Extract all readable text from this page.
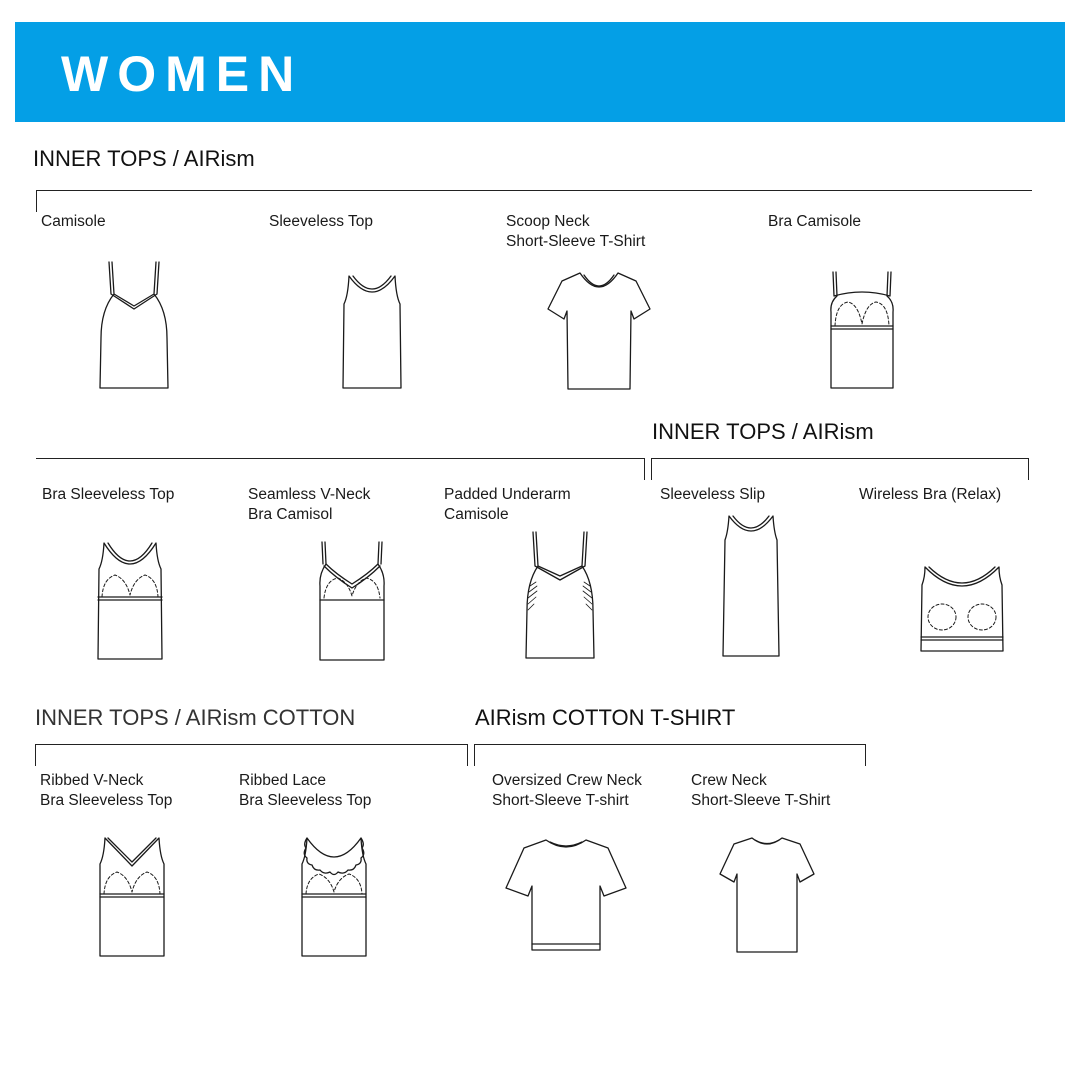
WOMEN
INNER TOPS / AIRism
INNER TOPS / AIRism
INNER TOPS / AIRism COTTON	AIRism COTTON T-SHIRT
Camisole	Sleeveless Top	Scoop Neck
Short-Sleeve T-Shirt
Bra Camisole
Bra Sleeveless Top	Seamless V-Neck
Bra Camisol
Padded Underarm
Camisole
Sleeveless Slip	Wireless Bra (Relax)
Ribbed V-Neck
Bra Sleeveless Top
Ribbed Lace
Bra Sleeveless Top
Oversized Crew Neck
Short-Sleeve T-shirt
Crew Neck
Short-Sleeve T-Shirt
